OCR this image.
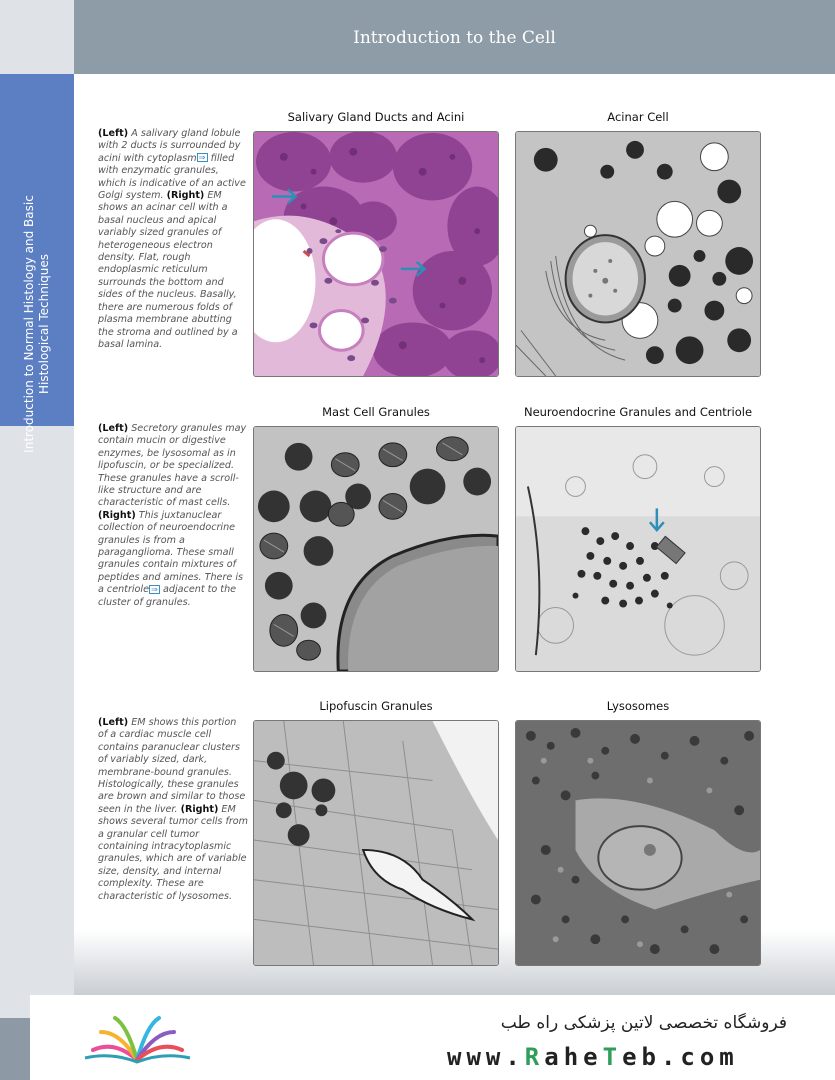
Introduction to Normal Histology and Basic Histological Techniques
Introduction to the Cell
(Left) A salivary gland lobule with 2 ducts is surrounded by acini with cytoplasm ⇒ filled with enzymatic granules, which is indicative of an active Golgi system. (Right) EM shows an acinar cell with a basal nucleus and apical variably sized granules of heterogeneous electron density. Flat, rough endoplasmic reticulum surrounds the bottom and sides of the nucleus. Basally, there are numerous folds of plasma membrane abutting the stroma and outlined by a basal lamina.
Salivary Gland Ducts and Acini	Acinar Cell
(Left) Secretory granules may contain mucin or digestive enzymes, be lysosomal as in lipofuscin, or be specialized. These granules have a scroll-like structure and are characteristic of mast cells. (Right) This juxtanuclear collection of neuroendocrine granules is from a paraganglioma. These small granules contain mixtures of peptides and amines. There is a centriole ⇒ adjacent to the cluster of granules.
Mast Cell Granules	Neuroendocrine Granules and Centriole
(Left) EM shows this portion of a cardiac muscle cell contains paranuclear clusters of variably sized, dark, membrane-bound granules. Histologically, these granules are brown and similar to those seen in the liver. (Right) EM shows several tumor cells from a granular cell tumor containing intracytoplasmic granules, which are of variable size, density, and internal complexity. These are characteristic of lysosomes.
Lipofuscin Granules	Lysosomes
فروشگاه تخصصی لاتین پزشکی راه طب
www.RaheTeb.com
